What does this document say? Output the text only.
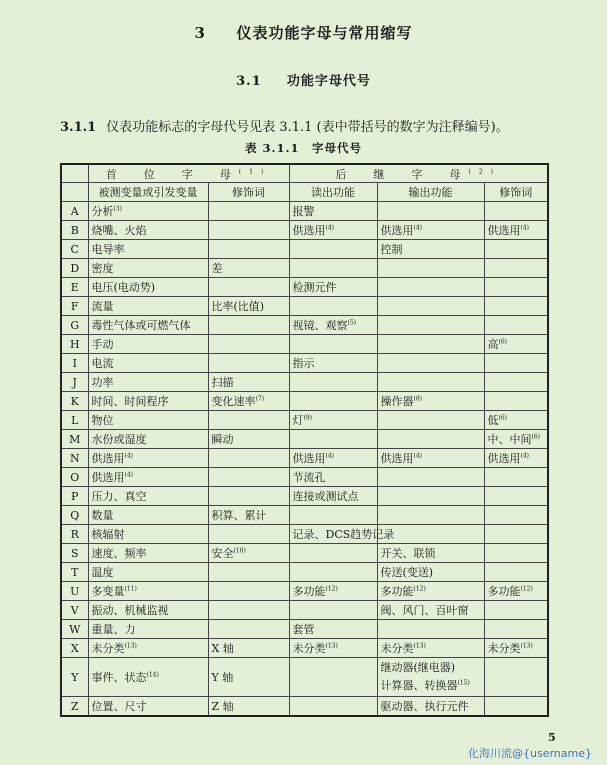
3 仪表功能字母与常用缩写
3.1 功能字母代号
3.1.1 仪表功能标志的字母代号见表 3.1.1 (表中带括号的数字为注释编号)。
表 3.1.1　字母代号
	首　位　字　母$^{(1)}$		后　继　字　母$^{(2)}$
	被测变量或引发变量	修饰词	读出功能	输出功能	修饰词
A	分析$^{(3)}$		报警		
B	烧嘴、火焰		供选用$^{(4)}$	供选用$^{(4)}$	供选用$^{(4)}$
C	电导率			控制	
D	密度	差			
E	电压(电动势)		检测元件		
F	流量	比率(比值)			
G	毒性气体或可燃气体		视镜、观察$^{(5)}$		
H	手动				高$^{(6)}$
I	电流		指示		
J	功率	扫描			
K	时间、时间程序	变化速率$^{(7)}$		操作器$^{(8)}$	
L	物位		灯$^{(9)}$		低$^{(6)}$
M	水份或湿度	瞬动			中、中间$^{(6)}$
N	供选用$^{(4)}$		供选用$^{(4)}$	供选用$^{(4)}$	供选用$^{(4)}$
O	供选用$^{(4)}$		节流孔		
P	压力、真空		连接或测试点		
Q	数量	积算、累计			
R	核辐射		记录、DCS趋势记录		
S	速度、频率	安全$^{(10)}$		开关、联锁	
T	温度			传送(变送)	
U	多变量$^{(11)}$		多功能$^{(12)}$	多功能$^{(12)}$	多功能$^{(12)}$
V	振动、机械监视			阀、风门、百叶窗	
W	重量、力		套管		
X	未分类$^{(13)}$	X 轴	未分类$^{(13)}$	未分类$^{(13)}$	未分类$^{(13)}$
Y	事件、状态$^{(14)}$	Y 轴		继动器(继电器)
计算器、转换器$^{(15)}$

Z	位置、尺寸	Z 轴		驱动器、执行元件	
5
化海川流@{username}
